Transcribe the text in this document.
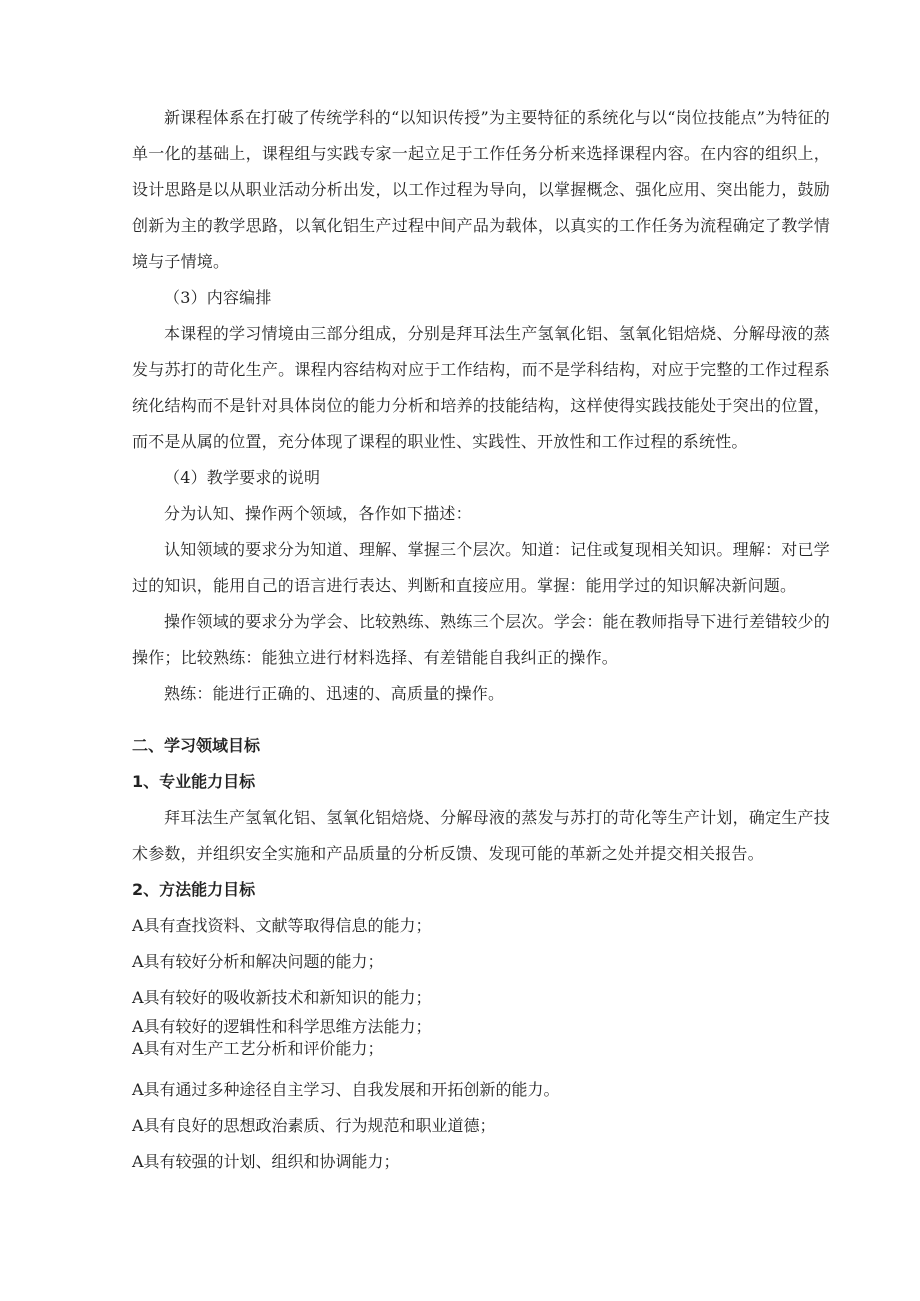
新课程体系在打破了传统学科的“以知识传授”为主要特征的系统化与以“岗位技能点”为特征的单一化的基础上，课程组与实践专家一起立足于工作任务分析来选择课程内容。在内容的组织上，设计思路是以从职业活动分析出发，以工作过程为导向，以掌握概念、强化应用、突出能力，鼓励创新为主的教学思路，以氧化铝生产过程中间产品为载体，以真实的工作任务为流程确定了教学情境与子情境。

（3）内容编排

本课程的学习情境由三部分组成，分别是拜耳法生产氢氧化铝、氢氧化铝焙烧、分解母液的蒸发与苏打的苛化生产。课程内容结构对应于工作结构，而不是学科结构，对应于完整的工作过程系统化结构而不是针对具体岗位的能力分析和培养的技能结构，这样使得实践技能处于突出的位置，而不是从属的位置，充分体现了课程的职业性、实践性、开放性和工作过程的系统性。

（4）教学要求的说明

分为认知、操作两个领域，各作如下描述：

认知领域的要求分为知道、理解、掌握三个层次。知道：记住或复现相关知识。理解：对已学过的知识，能用自己的语言进行表达、判断和直接应用。掌握：能用学过的知识解决新问题。

操作领域的要求分为学会、比较熟练、熟练三个层次。学会：能在教师指导下进行差错较少的操作；比较熟练：能独立进行材料选择、有差错能自我纠正的操作。

熟练：能进行正确的、迅速的、高质量的操作。

二、学习领域目标

1、专业能力目标

拜耳法生产氢氧化铝、氢氧化铝焙烧、分解母液的蒸发与苏打的苛化等生产计划，确定生产技术参数，并组织安全实施和产品质量的分析反馈、发现可能的革新之处并提交相关报告。

2、方法能力目标

A具有查找资料、文献等取得信息的能力；

A具有较好分析和解决问题的能力；

A具有较好的吸收新技术和新知识的能力；

A具有较好的逻辑性和科学思维方法能力；

A具有对生产工艺分析和评价能力；

A具有通过多种途径自主学习、自我发展和开拓创新的能力。

A具有良好的思想政治素质、行为规范和职业道德；

A具有较强的计划、组织和协调能力；
